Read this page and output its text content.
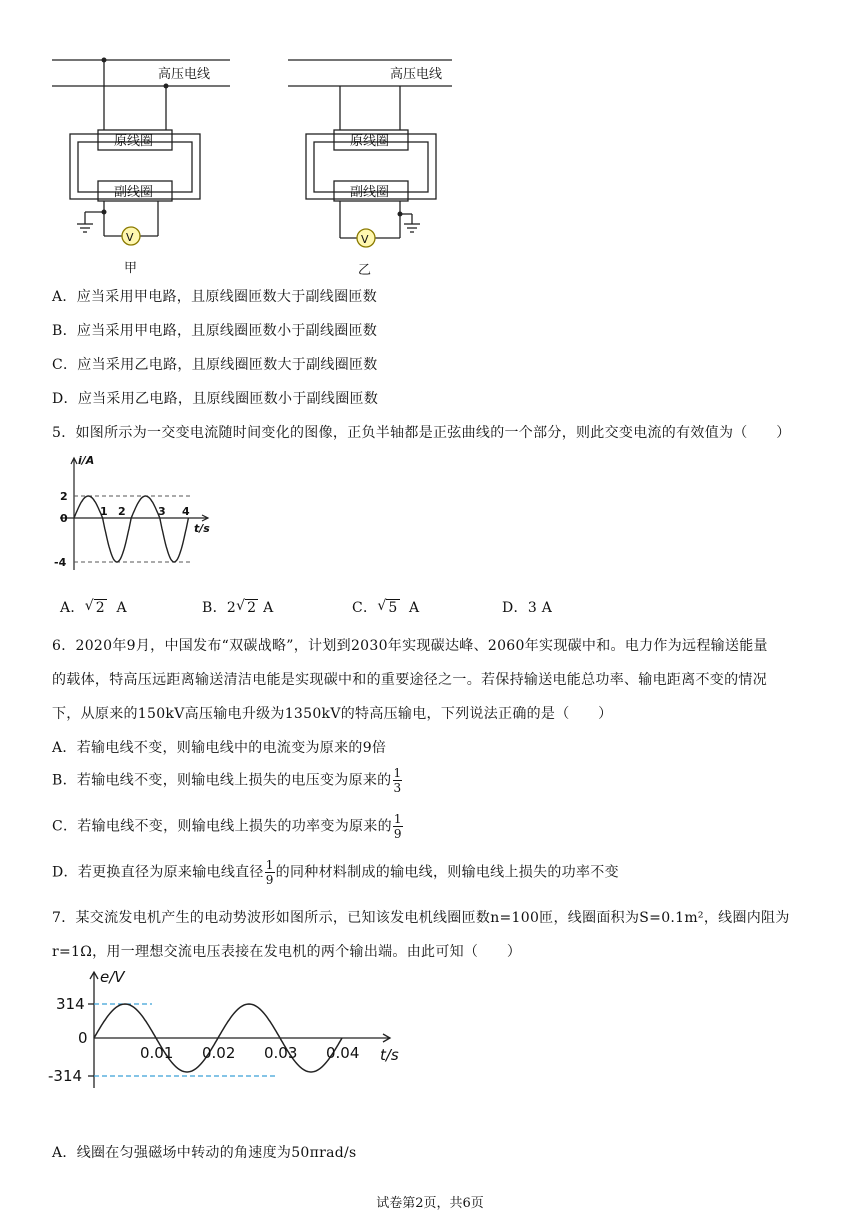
高压电线	高压电线
原线圈
副线圈
原线圈
副线圈
V	V
甲	乙
A．应当采用甲电路，且原线圈匝数大于副线圈匝数
B．应当采用甲电路，且原线圈匝数小于副线圈匝数
C．应当采用乙电路，且原线圈匝数大于副线圈匝数
D．应当采用乙电路，且原线圈匝数小于副线圈匝数
5．如图所示为一交变电流随时间变化的图像，正负半轴都是正弦曲线的一个部分，则此交变电流的有效值为（　　）
i/A
t/s
2
0
-4
1 2	3 4
A． √ 2 A	B．2 √ 2 A	C． √ 5 A	D．3 A
6．2020年9月，中国发布“双碳战略”，计划到2030年实现碳达峰、2060年实现碳中和。电力作为远程输送能量
的载体，特高压远距离输送清洁电能是实现碳中和的重要途径之一。若保持输送电能总功率、输电距离不变的情况
下，从原来的150kV高压输电升级为1350kV的特高压输电，下列说法正确的是（　　）
A．若输电线不变，则输电线中的电流变为原来的9倍
B．若输电线不变，则输电线上损失的电压变为原来的 $\frac{1}{3}$
C．若输电线不变，则输电线上损失的功率变为原来的 $\frac{1}{9}$
D．若更换直径为原来输电线直径 $\frac{1}{9}$ 的同种材料制成的输电线，则输电线上损失的功率不变
7．某交流发电机产生的电动势波形如图所示，已知该发电机线圈匝数n=100匝，线圈面积为S=0.1m²，线圈内阻为
r=1Ω，用一理想交流电压表接在发电机的两个输出端。由此可知（　　）
e/V
t/s
314
0
-314
0.01 0.02 0.03 0.04
A．线圈在匀强磁场中转动的角速度为50πrad/s
试卷第2页，共6页
